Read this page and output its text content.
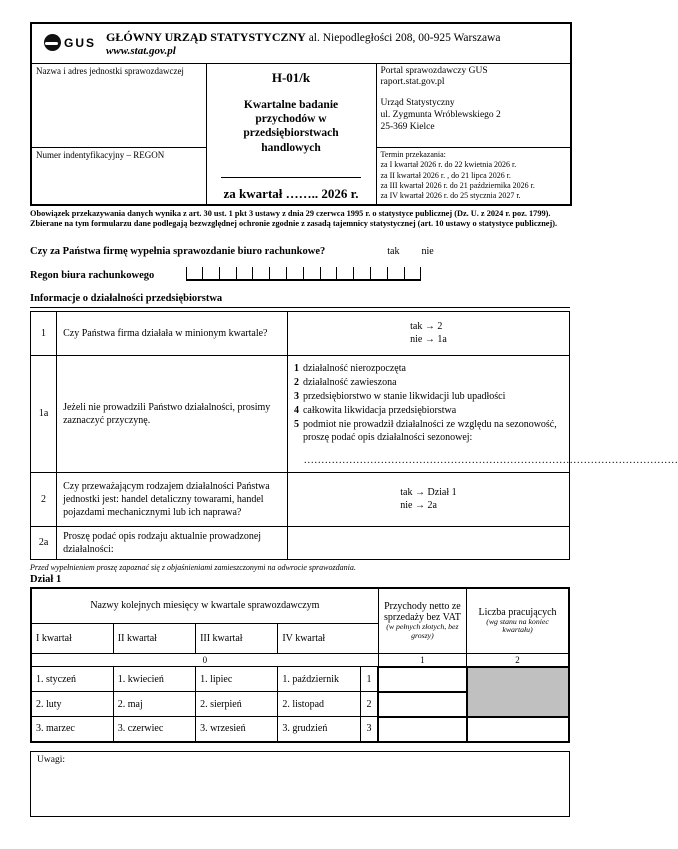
GUS GŁÓWNY URZĄD STATYSTYCZNY al. Niepodległości 208, 00-925 Warszawa
www.stat.gov.pl		

Nazwa i adres jednostki sprawozdawczej	H-01/k
Kwartalne badanie przychodów w przedsiębiorstwach handlowych
za kwartał …….. 2026 r.

Portal sprawozdawczy GUS
raport.stat.gov.pl
Urząd Statystyczny
ul. Zygmunta Wróblewskiego 2
25-369 Kielce

Numer indentyfikacyjny – REGON		Termin przekazania:
za I kwartał 2026 r. do 22 kwietnia 2026 r.
za II kwartał 2026 r. , do 21 lipca 2026 r.
za III kwartał 2026 r. do 21 października 2026 r.
za IV kwartał 2026 r. do 25 stycznia 2027 r.
Obowiązek przekazywania danych wynika z art. 30 ust. 1 pkt 3 ustawy z dnia 29 czerwca 1995 r. o statystyce publicznej (Dz. U. z 2024 r. poz. 1799).
Zbierane na tym formularzu dane podlegają bezwzględnej ochronie zgodnie z zasadą tajemnicy statystycznej (art. 10 ustawy o statystyce publicznej).
Czy za Państwa firmę wypełnia sprawozdanie biuro rachunkowe?	tak nie
Regon biura rachunkowego
Informacje o działalności przedsiębiorstwa
1	Czy Państwa firma działała w minionym kwartale?	tak → 2
nie → 1a
1a	Jeżeli nie prowadzili Państwo działalności, prosimy zaznaczyć przyczynę.	
1 działalność nierozpoczęta
2 działalność zawieszona
3 przedsiębiorstwo w stanie likwidacji lub upadłości
4 całkowita likwidacja przedsiębiorstwa
5 podmiot nie prowadził działalności ze względu na sezonowość, proszę podać opis działalności sezonowej:
...........................................................................................................

2	Czy przeważającym rodzajem działalności Państwa jednostki jest: handel detaliczny towarami, handel pojazdami mechanicznymi lub ich naprawa?	tak → Dział 1
nie → 2a
2a	Proszę podać opis rodzaju aktualnie prowadzonej działalności:	
Przed wypełnieniem proszę zapoznać się z objaśnieniami zamieszczonymi na odwrocie sprawozdania.
Dział 1
Nazwy kolejnych miesięcy w kwartale sprawozdawczym	Przychody netto ze sprzedaży bez VAT
(w pełnych złotych, bez groszy)

Liczba pracujących
(wg stanu na koniec kwartału)

I kwartał	II kwartał	III kwartał	IV kwartał			
0					1	2
1. styczeń	1. kwiecień	1. lipiec	1. październik	1		
2. luty	2. maj	2. sierpień	2. listopad	2		
3. marzec	3. czerwiec	3. wrzesień	3. grudzień	3		
Uwagi:
